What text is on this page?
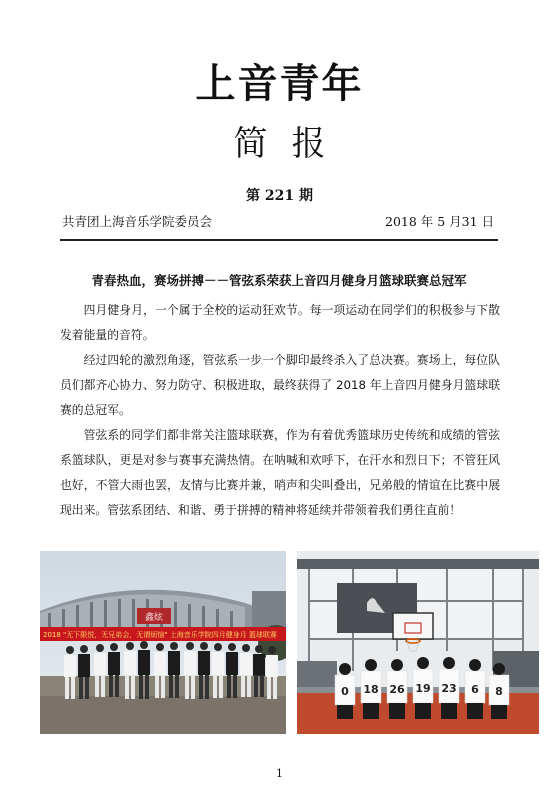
上音青年
简报
第 221 期
共青团上海音乐学院委员会	2018 年 5 月31 日
青春热血，赛场拼搏－－管弦系荣获上音四月健身月篮球联赛总冠军

四月健身月，一个属于全校的运动狂欢节。每一项运动在同学们的积极参与下散发着能量的音符。

经过四轮的激烈角逐，管弦系一步一个脚印最终杀入了总决赛。赛场上，每位队员们都齐心协力、努力防守、积极进取，最终获得了 2018 年上音四月健身月篮球联赛的总冠军。

管弦系的同学们都非常关注篮球联赛，作为有着优秀篮球历史传统和成绩的管弦系篮球队，更是对参与赛事充满热情。在呐喊和欢呼下，在汗水和烈日下；不管狂风也好，不管大雨也罢，友情与比赛并兼，哨声和尖叫叠出，兄弟般的情谊在比赛中展现出来。管弦系团结、和谐、勇于拼搏的精神将延续并带领着我们勇往直前！

鑫炫
2018 "无下限悦，无兄弟会，无谓烦恼" 上海音乐学院四月健身月 篮球联赛
0 18 26 19 23 6 8
1
